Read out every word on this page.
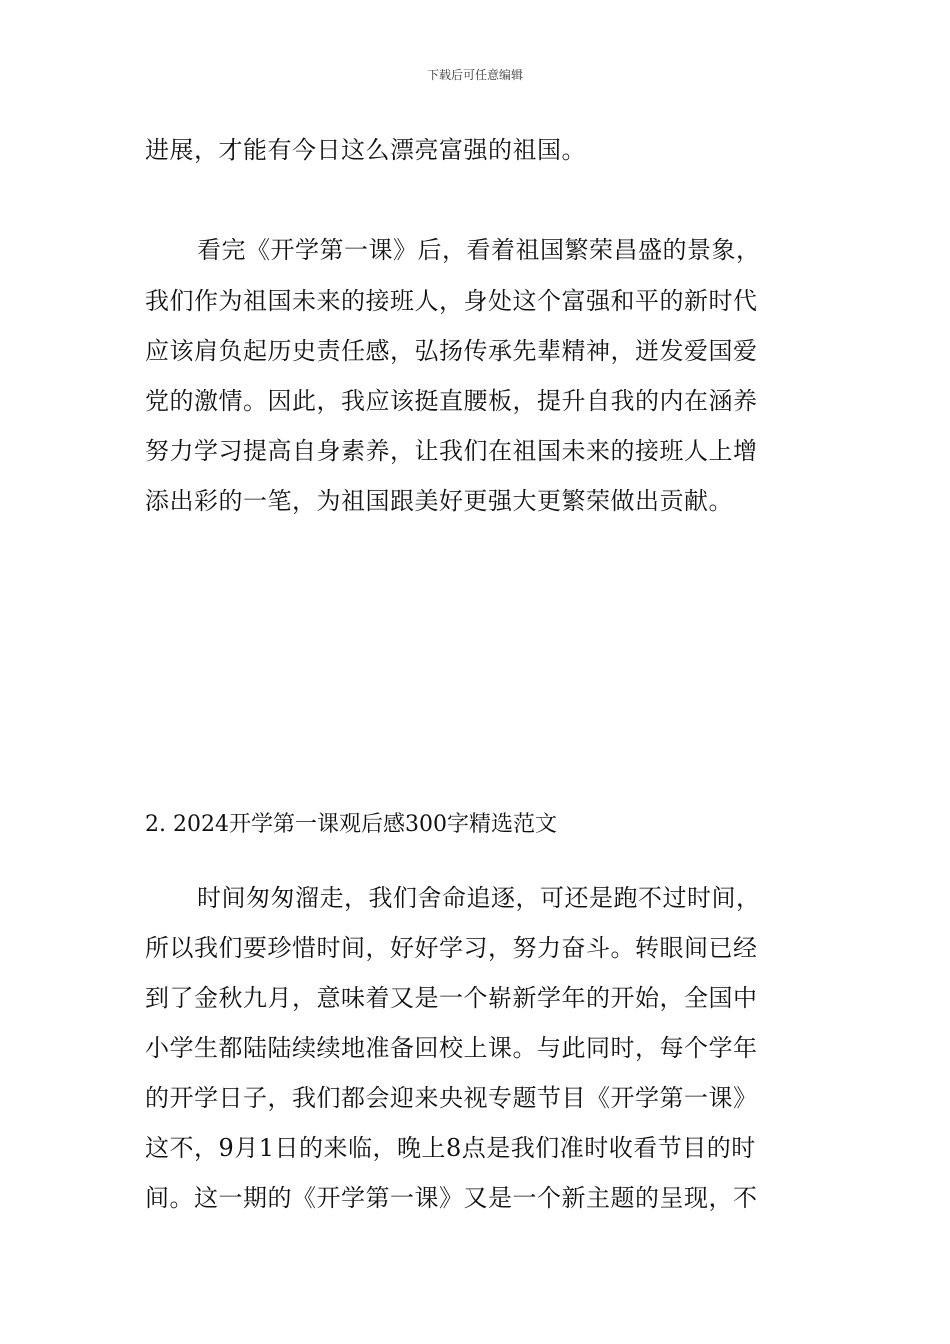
下载后可任意编辑
进展，才能有今日这么漂亮富强的祖国。
看完《开学第一课》后，看着祖国繁荣昌盛的景象，
我们作为祖国未来的接班人，身处这个富强和平的新时代
应该肩负起历史责任感，弘扬传承先辈精神，迸发爱国爱
党的激情。因此，我应该挺直腰板，提升自我的内在涵养
努力学习提高自身素养，让我们在祖国未来的接班人上增
添出彩的一笔，为祖国跟美好更强大更繁荣做出贡献。
2. 2024开学第一课观后感300字精选范文
时间匆匆溜走，我们舍命追逐，可还是跑不过时间，
所以我们要珍惜时间，好好学习，努力奋斗。转眼间已经
到了金秋九月，意味着又是一个崭新学年的开始，全国中
小学生都陆陆续续地准备回校上课。与此同时，每个学年
的开学日子，我们都会迎来央视专题节目《开学第一课》
这不，9月1日的来临，晚上8点是我们准时收看节目的时
间。这一期的《开学第一课》又是一个新主题的呈现，不
